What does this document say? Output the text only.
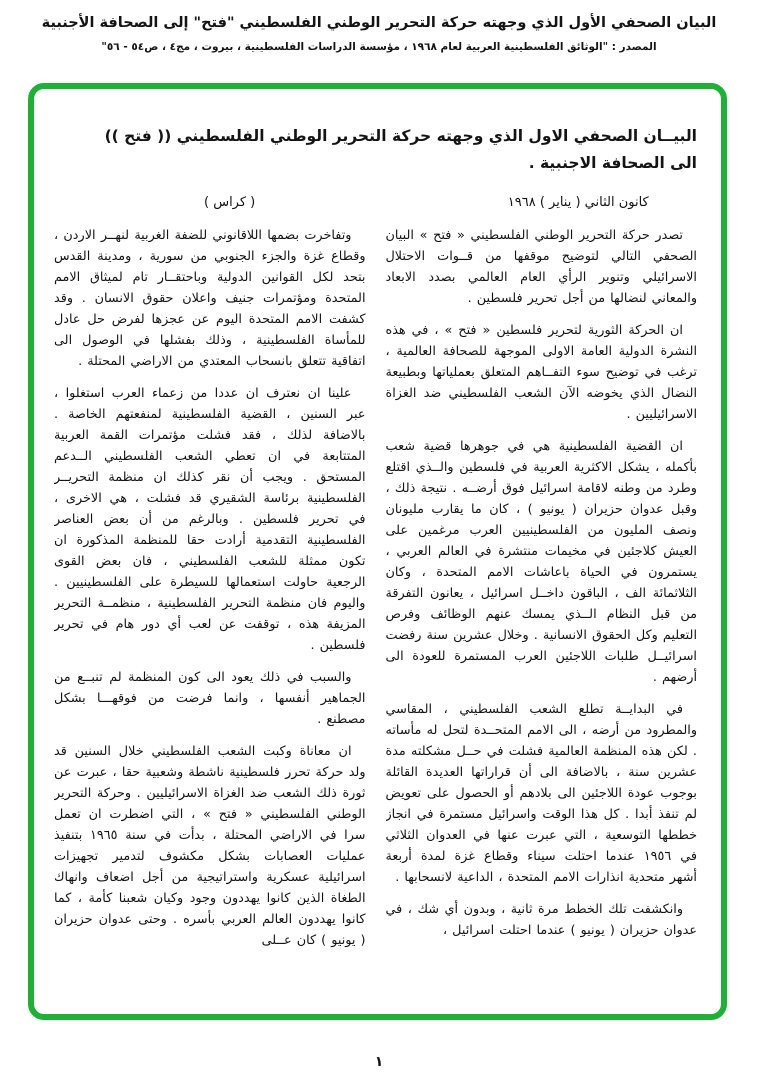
البيان الصحفي الأول الذي وجهته حركة التحرير الوطني الفلسطيني "فتح" إلى الصحافة الأجنبية
المصدر : "الوثائق الفلسطينية العربية لعام ١٩٦٨ ، مؤسسة الدراسات الفلسطينية ، بيروت ، مج٤ ، ص٥٤ - ٥٦"
البيــان الصحفي الاول الذي وجهته حركة التحرير الوطني الفلسطيني (( فتح ))
الى الصحافة الاجنبية .
كانون الثاني ( يناير ) ١٩٦٨
( كراس )

تصدر حركة التحرير الوطني الفلسطيني « فتح » البيان الصحفي التالي لتوضيح موقفها من قــوات الاحتلال الاسرائيلي وتنوير الرأي العام العالمي بصدد الابعاد والمعاني لنضالها من أجل تحرير فلسطين .

ان الحركة الثورية لتحرير فلسطين « فتح » ، في هذه النشرة الدولية العامة الاولى الموجهة للصحافة العالمية ، ترغب في توضيح سوء التفــاهم المتعلق بعملياتها وبطبيعة النضال الذي يخوضه الآن الشعب الفلسطيني ضد الغزاة الاسرائيليين .

ان القضية الفلسطينية هي في جوهرها قضية شعب بأكمله ، يشكل الاكثرية العربية في فلسطين والــذي اقتلع وطرد من وطنه لاقامة اسرائيل فوق أرضــه . نتيجة ذلك ، وقبل عدوان حزيران ( يونيو ) ، كان ما يقارب مليونان ونصف المليون من الفلسطينيين العرب مرغمين على العيش كلاجئين في مخيمات منتشرة في العالم العربي ، يستمرون في الحياة باعاشات الامم المتحدة ، وكان الثلاثمائة الف ، الباقون داخــل اسرائيل ، يعانون التفرقة من قبل النظام الــذي يمسك عنهم الوظائف وفرص التعليم وكل الحقوق الانسانية . وخلال عشرين سنة رفضت اسرائيــل طلبات اللاجئين العرب المستمرة للعودة الى أرضهم .

في البدايــة تطلع الشعب الفلسطيني ، المقاسي والمطرود من أرضه ، الى الامم المتحــدة لتحل له مأساته . لكن هذه المنظمة العالمية فشلت في حــل مشكلته مدة عشرين سنة ، بالاضافة الى أن قراراتها العديدة القائلة بوجوب عودة اللاجئين الى بلادهم أو الحصول على تعويض لم تنفذ أبدا . كل هذا الوقت واسرائيل مستمرة في انجاز خططها التوسعية ، التي عبرت عنها في العدوان الثلاثي في ١٩٥٦ عندما احتلت سيناء وقطاع غزة لمدة أربعة أشهر متحدية انذارات الامم المتحدة ، الداعية لانسحابها .

وانكشفت تلك الخطط مرة ثانية ، وبدون أي شك ، في عدوان حزيران ( يونيو ) عندما احتلت اسرائيل ،

وتفاخرت بضمها اللاقانوني للضفة الغربية لنهــر الاردن ، وقطاع غزة والجزء الجنوبي من سورية ، ومدينة القدس بتحد لكل القوانين الدولية وباحتقــار تام لميثاق الامم المتحدة ومؤتمرات جنيف واعلان حقوق الانسان . وقد كشفت الامم المتحدة اليوم عن عجزها لفرض حل عادل للمأساة الفلسطينية ، وذلك بفشلها في الوصول الى اتفاقية تتعلق بانسحاب المعتدي من الاراضي المحتلة .

علينا ان نعترف ان عددا من زعماء العرب استغلوا ، عبر السنين ، القضية الفلسطينية لمنفعتهم الخاصة . بالاضافة لذلك ، فقد فشلت مؤتمرات القمة العربية المتتابعة في ان تعطي الشعب الفلسطيني الــدعم المستحق . ويجب أن نقر كذلك ان منظمة التحريــر الفلسطينية برئاسة الشقيري قد فشلت ، هي الاخرى ، في تحرير فلسطين . وبالرغم من أن بعض العناصر الفلسطينية التقدمية أرادت حقا للمنظمة المذكورة ان تكون ممثلة للشعب الفلسطيني ، فان بعض القوى الرجعية حاولت استعمالها للسيطرة على الفلسطينيين . واليوم فان منظمة التحرير الفلسطينية ، منظمــة التحرير المزيفة هذه ، توقفت عن لعب أي دور هام في تحرير فلسطين .

والسبب في ذلك يعود الى كون المنظمة لم تنبــع من الجماهير أنفسها ، وانما فرضت من فوقهـــا بشكل مصطنع .

ان معاناة وكبت الشعب الفلسطيني خلال السنين قد ولد حركة تحرر فلسطينية ناشطة وشعبية حقا ، عبرت عن ثورة ذلك الشعب ضد الغزاة الاسرائيليين . وحركة التحرير الوطني الفلسطيني « فتح » ، التي اضطرت ان تعمل سرا في الاراضي المحتلة ، بدأت في سنة ١٩٦٥ بتنفيذ عمليات العصابات بشكل مكشوف لتدمير تجهيزات اسرائيلية عسكرية واستراتيجية من أجل اضعاف وانهاك الطغاة الذين كانوا يهددون وجود وكيان شعبنا كأمة ، كما كانوا يهددون العالم العربي بأسره . وحتى عدوان حزيران ( يونيو ) كان عــلى

١
